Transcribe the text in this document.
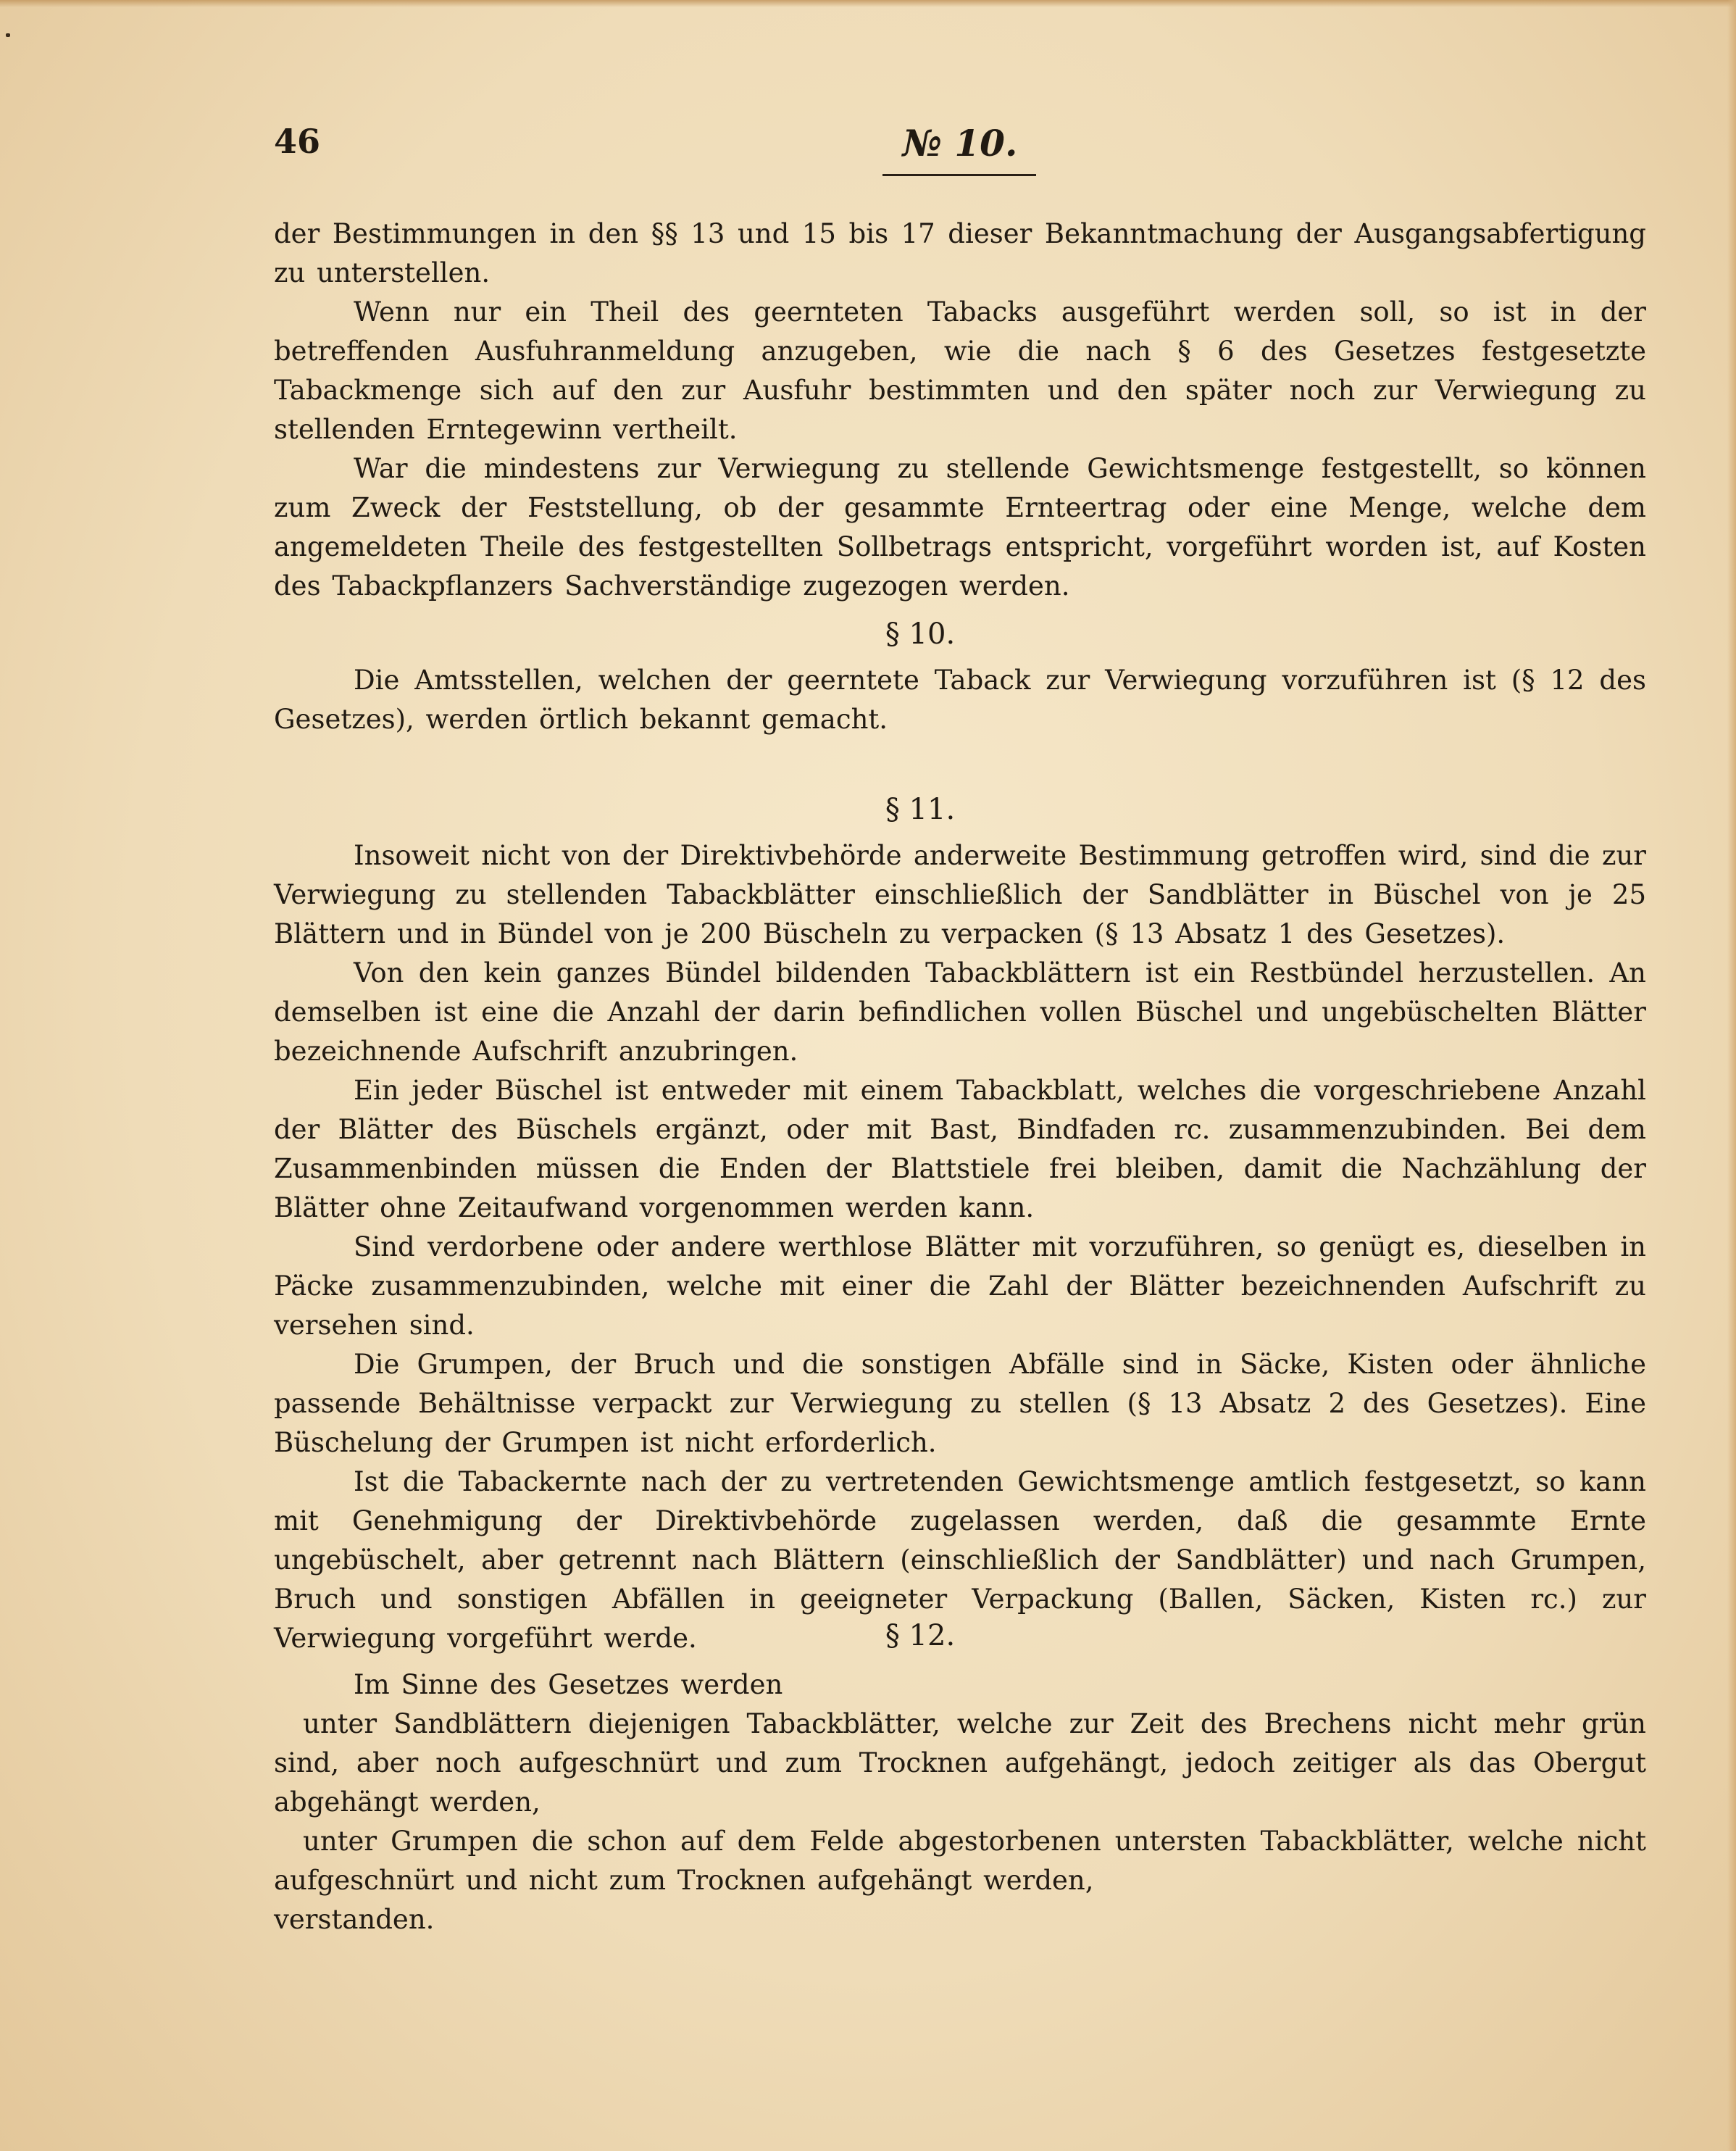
46	№ 10.

der Bestimmungen in den §§ 13 und 15 bis 17 dieser Bekanntmachung der Ausgangsabfertigung zu unterstellen.

Wenn nur ein Theil des geernteten Tabacks ausgeführt werden soll, so ist in der betreffenden Ausfuhranmeldung anzugeben, wie die nach § 6 des Gesetzes festgesetzte Tabackmenge sich auf den zur Ausfuhr bestimmten und den später noch zur Verwiegung zu stellenden Erntegewinn vertheilt.

War die mindestens zur Verwiegung zu stellende Gewichtsmenge festgestellt, so können zum Zweck der Feststellung, ob der gesammte Ernteertrag oder eine Menge, welche dem angemeldeten Theile des festgestellten Sollbetrags entspricht, vorgeführt worden ist, auf Kosten des Tabackpflanzers Sachverständige zugezogen werden.

§ 10.

Die Amtsstellen, welchen der geerntete Taback zur Verwiegung vorzuführen ist (§ 12 des Gesetzes), werden örtlich bekannt gemacht.

§ 11.

Insoweit nicht von der Direktivbehörde anderweite Bestimmung getroffen wird, sind die zur Verwiegung zu stellenden Tabackblätter einschließlich der Sandblätter in Büschel von je 25 Blättern und in Bündel von je 200 Büscheln zu verpacken (§ 13 Absatz 1 des Gesetzes).

Von den kein ganzes Bündel bildenden Tabackblättern ist ein Restbündel herzustellen. An demselben ist eine die Anzahl der darin befindlichen vollen Büschel und ungebüschelten Blätter bezeichnende Aufschrift anzubringen.

Ein jeder Büschel ist entweder mit einem Tabackblatt, welches die vorgeschriebene Anzahl der Blätter des Büschels ergänzt, oder mit Bast, Bindfaden rc. zusammenzubinden. Bei dem Zusammenbinden müssen die Enden der Blattstiele frei bleiben, damit die Nachzählung der Blätter ohne Zeitaufwand vorgenommen werden kann.

Sind verdorbene oder andere werthlose Blätter mit vorzuführen, so genügt es, dieselben in Päcke zusammenzubinden, welche mit einer die Zahl der Blätter bezeichnenden Aufschrift zu versehen sind.

Die Grumpen, der Bruch und die sonstigen Abfälle sind in Säcke, Kisten oder ähnliche passende Behältnisse verpackt zur Verwiegung zu stellen (§ 13 Absatz 2 des Gesetzes). Eine Büschelung der Grumpen ist nicht erforderlich.

Ist die Tabackernte nach der zu vertretenden Gewichtsmenge amtlich festgesetzt, so kann mit Genehmigung der Direktivbehörde zugelassen werden, daß die gesammte Ernte ungebüschelt, aber getrennt nach Blättern (einschließlich der Sandblätter) und nach Grumpen, Bruch und sonstigen Abfällen in geeigneter Verpackung (Ballen, Säcken, Kisten rc.) zur Verwiegung vorgeführt werde.	§ 12.

Im Sinne des Gesetzes werden

unter Sandblättern diejenigen Tabackblätter, welche zur Zeit des Brechens nicht mehr grün sind, aber noch aufgeschnürt und zum Trocknen aufgehängt, jedoch zeitiger als das Obergut abgehängt werden,

unter Grumpen die schon auf dem Felde abgestorbenen untersten Tabackblätter, welche nicht aufgeschnürt und nicht zum Trocknen aufgehängt werden,

verstanden.
